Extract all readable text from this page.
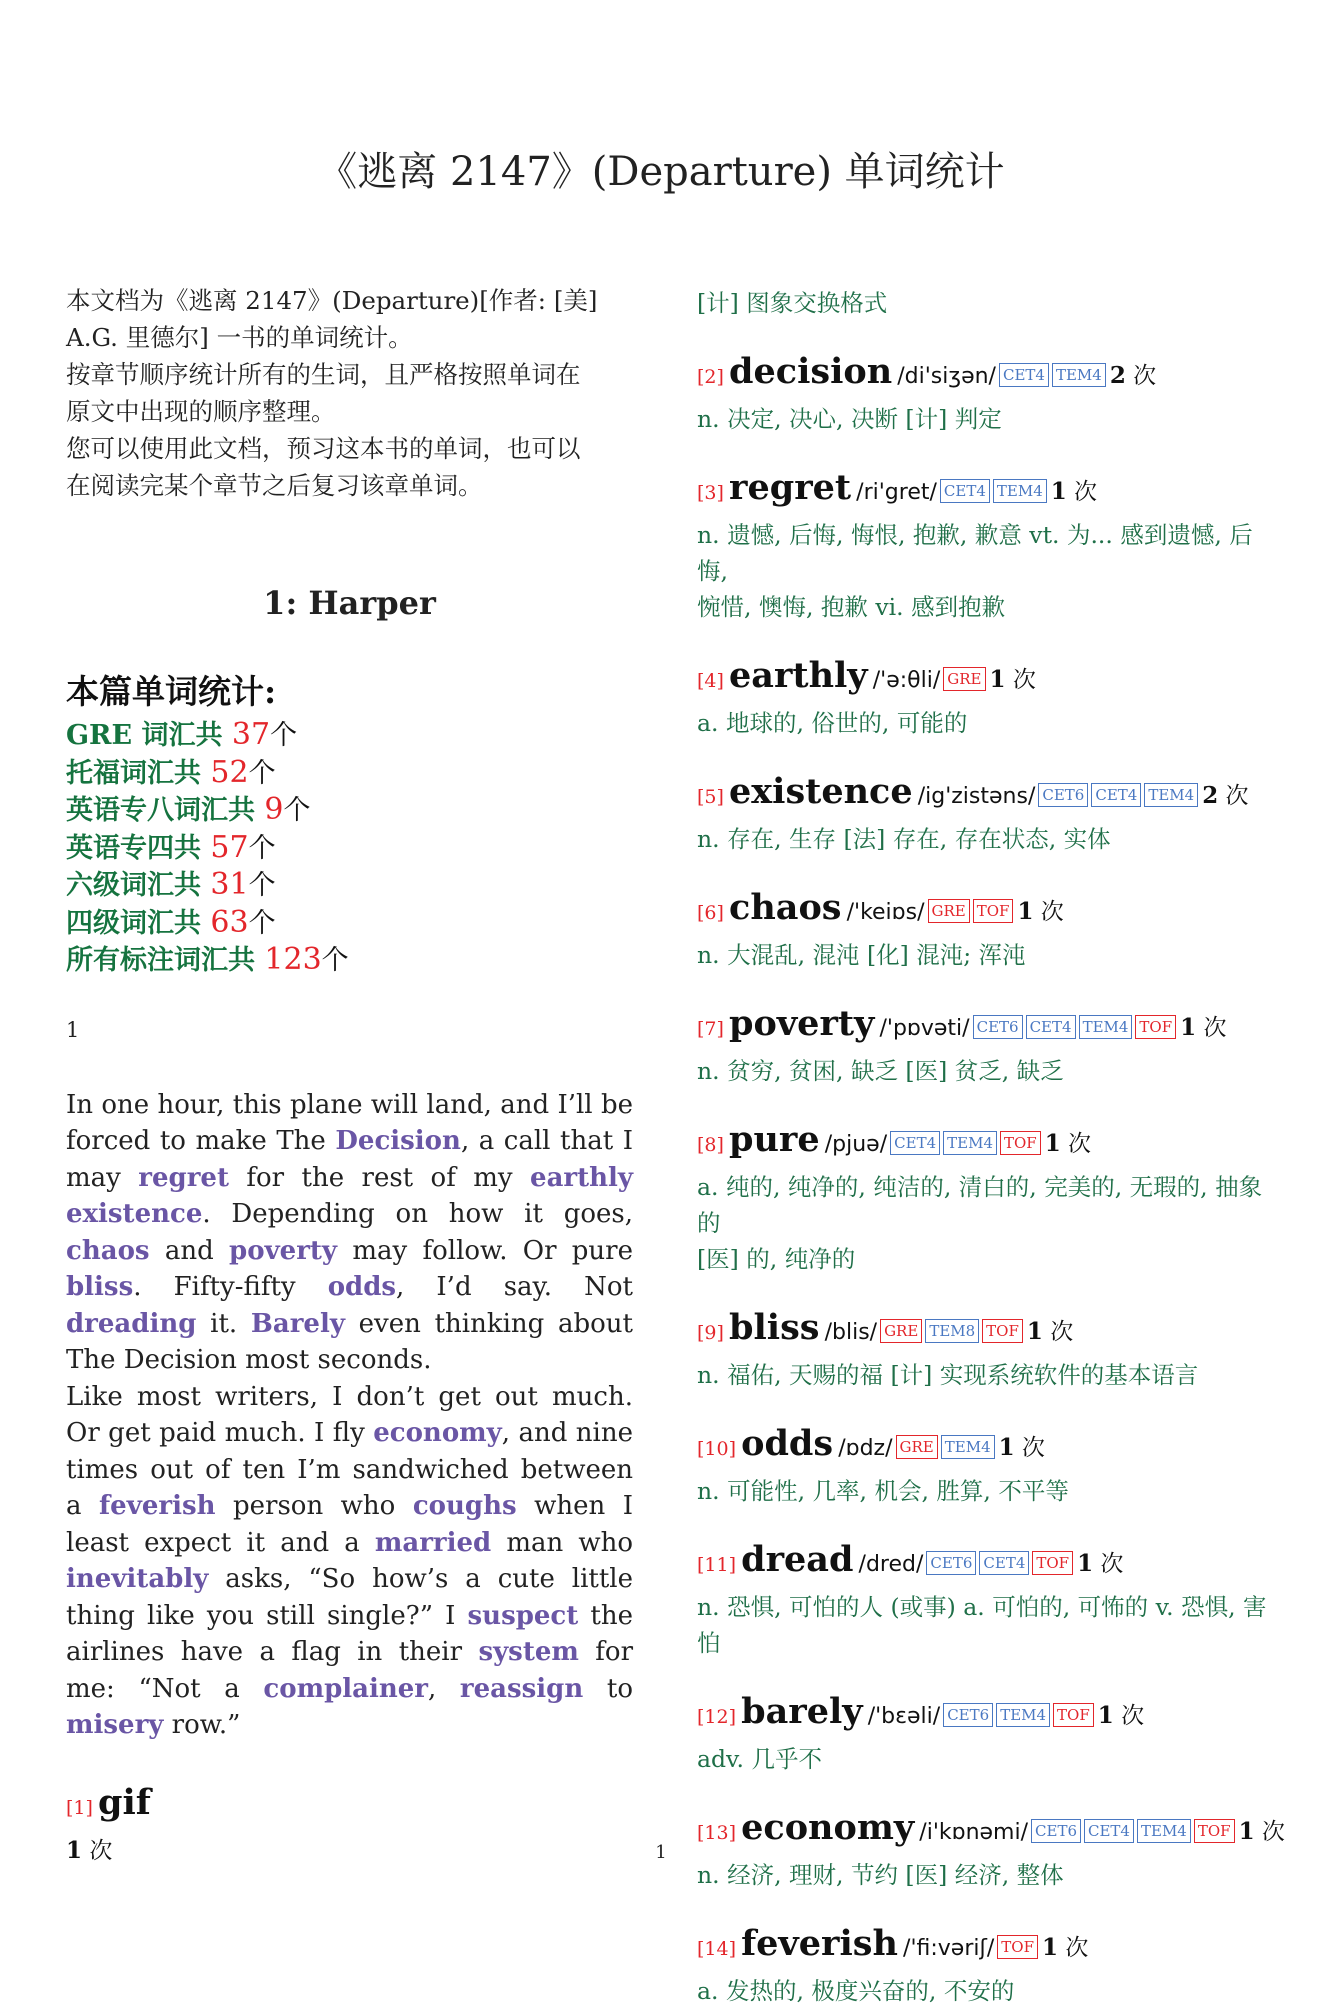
《逃离 2147》(Departure) 单词统计
本文档为《逃离 2147》(Departure)[作者: [美]
A.G. 里德尔] 一书的单词统计。
按章节顺序统计所有的生词，且严格按照单词在
原文中出现的顺序整理。
您可以使用此文档，预习这本书的单词，也可以
在阅读完某个章节之后复习该章单词。
1: Harper
本篇单词统计:
GRE 词汇共 37个
托福词汇共 52个
英语专八词汇共 9个
英语专四共 57个
六级词汇共 31个
四级词汇共 63个
所有标注词汇共 123个
1

In one hour, this plane will land, and I’ll be forced to make The Decision, a call that I may regret for the rest of my earthly existence. Depending on how it goes, chaos and poverty may follow. Or pure bliss. Fifty-fifty odds, I’d say. Not dreading it. Barely even thinking about The Decision most seconds.

Like most writers, I don’t get out much. Or get paid much. I fly economy, and nine times out of ten I’m sandwiched between a feverish person who coughs when I least expect it and a married man who inevitably asks, “So how’s a cute little thing like you still single?” I suspect the airlines have a flag in their system for me: “Not a complainer, reassign to misery row.”

[1] gif
1 次
[计] 图象交换格式
[2] decision /di'siʒən/ CET4 TEM4 2 次
n. 决定, 决心, 决断 [计] 判定
[3] regret /ri'gret/ CET4 TEM4 1 次
n. 遗憾, 后悔, 悔恨, 抱歉, 歉意 vt. 为... 感到遗憾, 后悔,
惋惜, 懊悔, 抱歉 vi. 感到抱歉
[4] earthly /'ə:θli/ GRE 1 次
a. 地球的, 俗世的, 可能的
[5] existence /ig'zistəns/ CET6 CET4 TEM4 2 次
n. 存在, 生存 [法] 存在, 存在状态, 实体
[6] chaos /'keiɒs/ GRE TOF 1 次
n. 大混乱, 混沌 [化] 混沌; 浑沌
[7] poverty /'pɒvəti/ CET6 CET4 TEM4 TOF 1 次
n. 贫穷, 贫困, 缺乏 [医] 贫乏, 缺乏
[8] pure /pjuə/ CET4 TEM4 TOF 1 次
a. 纯的, 纯净的, 纯洁的, 清白的, 完美的, 无瑕的, 抽象的
[医] 的, 纯净的
[9] bliss /blis/ GRE TEM8 TOF 1 次
n. 福佑, 天赐的福 [计] 实现系统软件的基本语言
[10] odds /ɒdz/ GRE TEM4 1 次
n. 可能性, 几率, 机会, 胜算, 不平等
[11] dread /dred/ CET6 CET4 TOF 1 次
n. 恐惧, 可怕的人 (或事) a. 可怕的, 可怖的 v. 恐惧, 害
怕
[12] barely /'bɛəli/ CET6 TEM4 TOF 1 次
adv. 几乎不
[13] economy /i'kɒnəmi/ CET6 CET4 TEM4 TOF 1 次
n. 经济, 理财, 节约 [医] 经济, 整体
[14] feverish /'fi:vəriʃ/ TOF 1 次
a. 发热的, 极度兴奋的, 不安的
1
